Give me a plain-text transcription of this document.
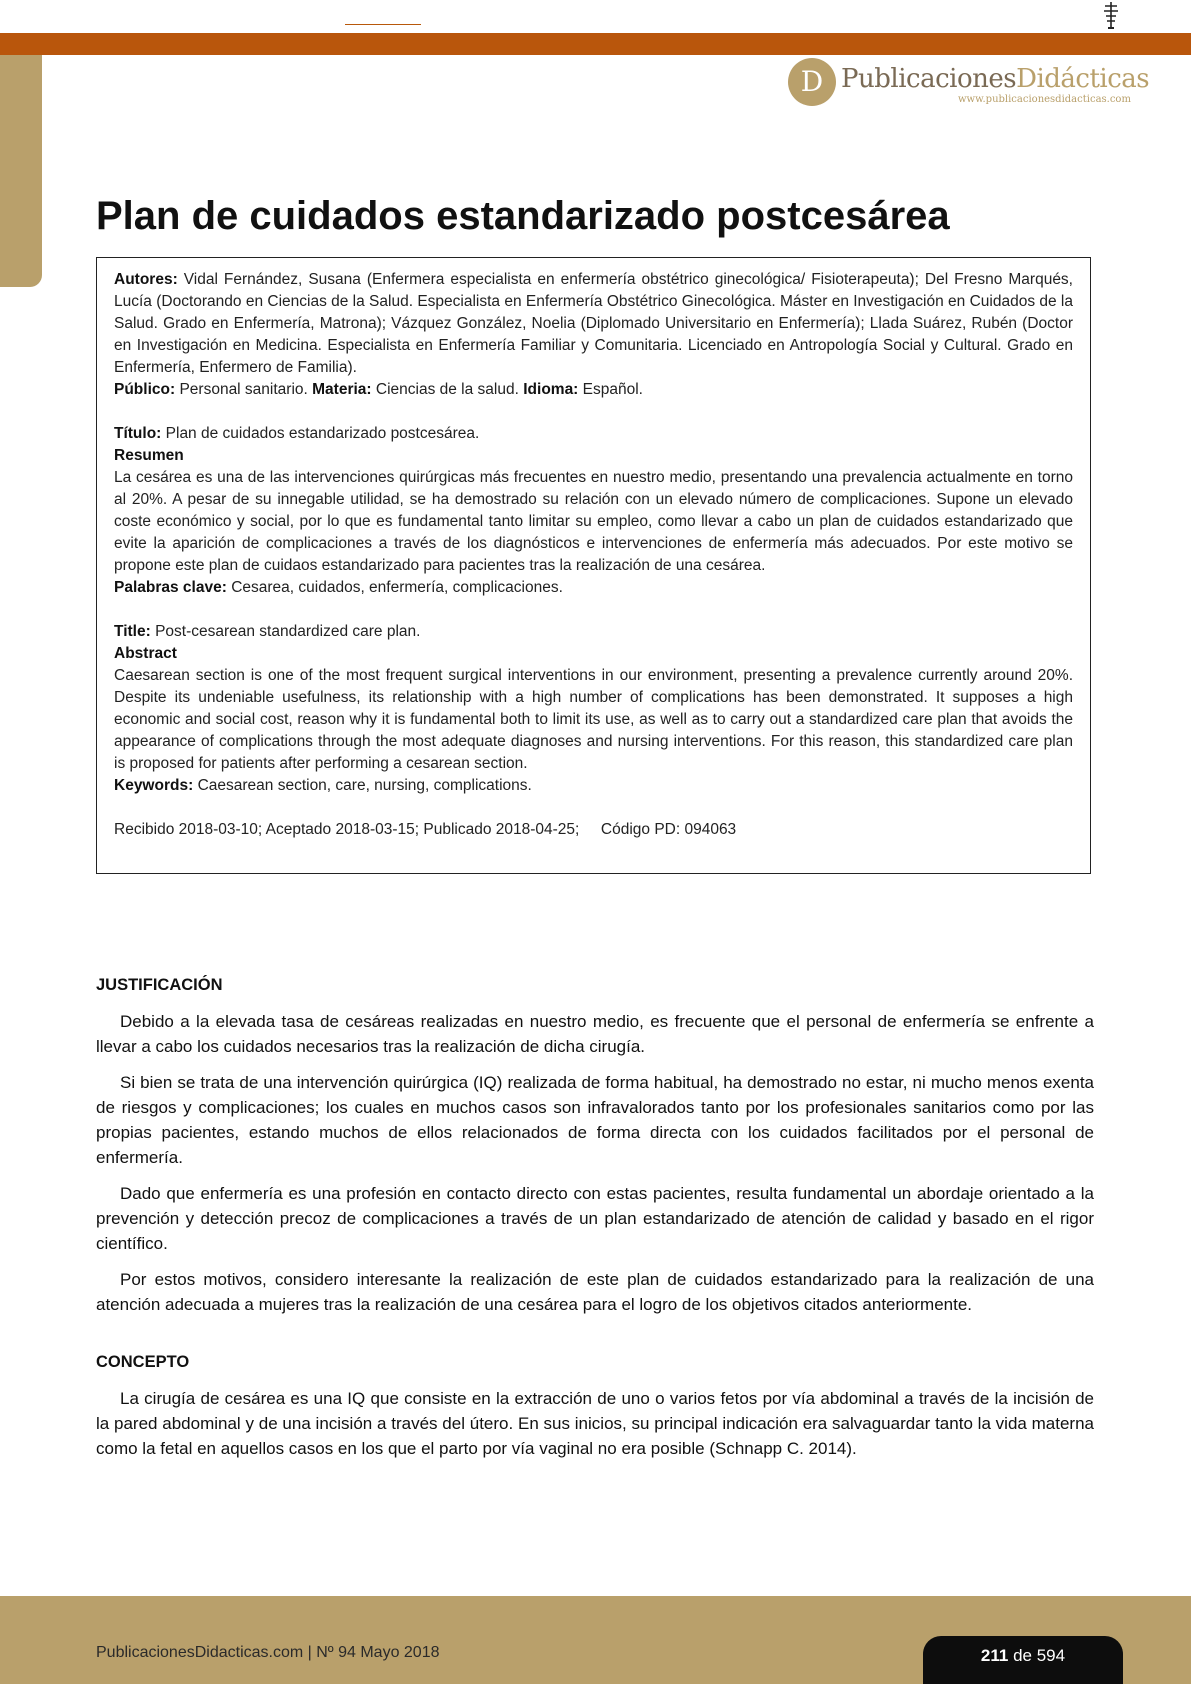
D PublicacionesDidácticas
www.publicacionesdidacticas.com
Plan de cuidados estandarizado postcesárea

Autores: Vidal Fernández, Susana (Enfermera especialista en enfermería obstétrico ginecológica/ Fisioterapeuta); Del Fresno Marqués, Lucía (Doctorando en Ciencias de la Salud. Especialista en Enfermería Obstétrico Ginecológica. Máster en Investigación en Cuidados de la Salud. Grado en Enfermería, Matrona); Vázquez González, Noelia (Diplomado Universitario en Enfermería); Llada Suárez, Rubén (Doctor en Investigación en Medicina. Especialista en Enfermería Familiar y Comunitaria. Licenciado en Antropología Social y Cultural. Grado en Enfermería, Enfermero de Familia).

Público: Personal sanitario. Materia: Ciencias de la salud. Idioma: Español.

Título: Plan de cuidados estandarizado postcesárea.

Resumen

La cesárea es una de las intervenciones quirúrgicas más frecuentes en nuestro medio, presentando una prevalencia actualmente en torno al 20%. A pesar de su innegable utilidad, se ha demostrado su relación con un elevado número de complicaciones. Supone un elevado coste económico y social, por lo que es fundamental tanto limitar su empleo, como llevar a cabo un plan de cuidados estandarizado que evite la aparición de complicaciones a través de los diagnósticos e intervenciones de enfermería más adecuados. Por este motivo se propone este plan de cuidaos estandarizado para pacientes tras la realización de una cesárea.

Palabras clave: Cesarea, cuidados, enfermería, complicaciones.

Title: Post-cesarean standardized care plan.

Abstract

Caesarean section is one of the most frequent surgical interventions in our environment, presenting a prevalence currently around 20%. Despite its undeniable usefulness, its relationship with a high number of complications has been demonstrated. It supposes a high economic and social cost, reason why it is fundamental both to limit its use, as well as to carry out a standardized care plan that avoids the appearance of complications through the most adequate diagnoses and nursing interventions. For this reason, this standardized care plan is proposed for patients after performing a cesarean section.

Keywords: Caesarean section, care, nursing, complications.

Recibido 2018-03-10; Aceptado 2018-03-15; Publicado 2018-04-25; Código PD: 094063

JUSTIFICACIÓN

Debido a la elevada tasa de cesáreas realizadas en nuestro medio, es frecuente que el personal de enfermería se enfrente a llevar a cabo los cuidados necesarios tras la realización de dicha cirugía.

Si bien se trata de una intervención quirúrgica (IQ) realizada de forma habitual, ha demostrado no estar, ni mucho menos exenta de riesgos y complicaciones; los cuales en muchos casos son infravalorados tanto por los profesionales sanitarios como por las propias pacientes, estando muchos de ellos relacionados de forma directa con los cuidados facilitados por el personal de enfermería.

Dado que enfermería es una profesión en contacto directo con estas pacientes, resulta fundamental un abordaje orientado a la prevención y detección precoz de complicaciones a través de un plan estandarizado de atención de calidad y basado en el rigor científico.

Por estos motivos, considero interesante la realización de este plan de cuidados estandarizado para la realización de una atención adecuada a mujeres tras la realización de una cesárea para el logro de los objetivos citados anteriormente.

CONCEPTO

La cirugía de cesárea es una IQ que consiste en la extracción de uno o varios fetos por vía abdominal a través de la incisión de la pared abdominal y de una incisión a través del útero. En sus inicios, su principal indicación era salvaguardar tanto la vida materna como la fetal en aquellos casos en los que el parto por vía vaginal no era posible (Schnapp C. 2014).

PublicacionesDidacticas.com | Nº 94 Mayo 2018	211 de 594
